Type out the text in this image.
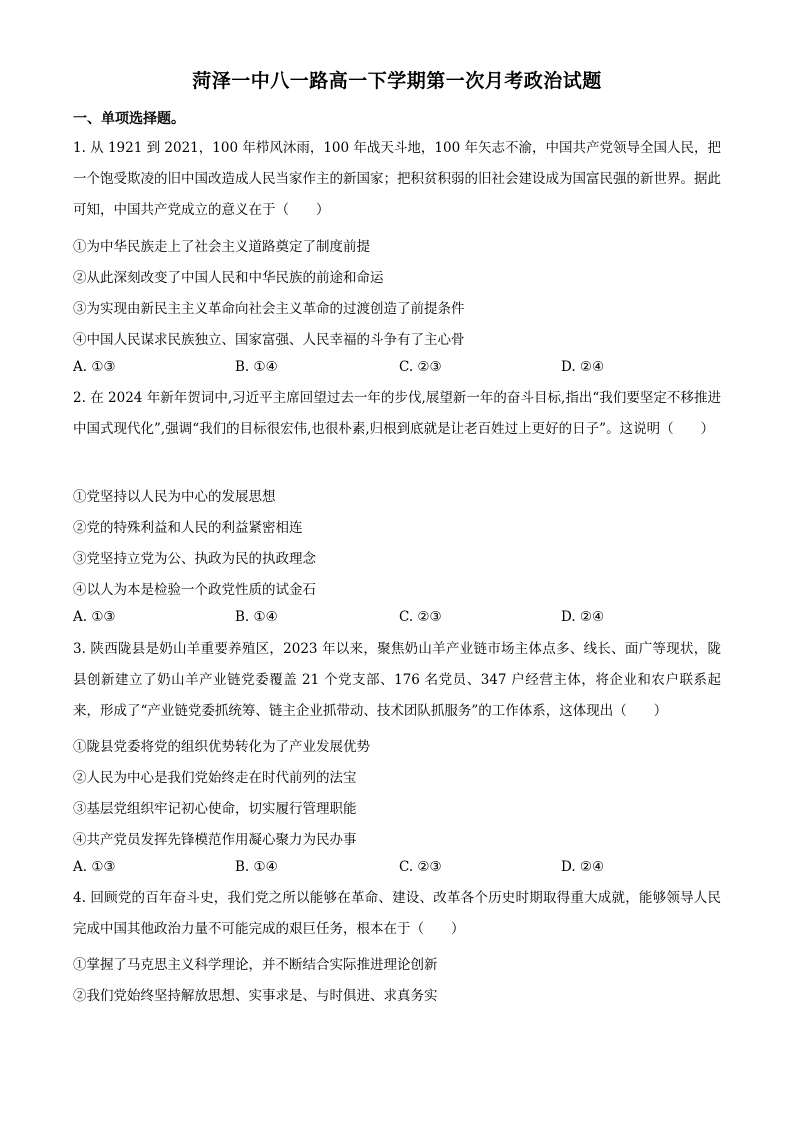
菏泽一中八一路高一下学期第一次月考政治试题
一、单项选择题。
1. 从 1921 到 2021，100 年栉风沐雨，100 年战天斗地，100 年矢志不渝，中国共产党领导全国人民，把一个饱受欺凌的旧中国改造成人民当家作主的新国家；把积贫积弱的旧社会建设成为国富民强的新世界。据此可知，中国共产党成立的意义在于（　　）
①为中华民族走上了社会主义道路奠定了制度前提
②从此深刻改变了中国人民和中华民族的前途和命运
③为实现由新民主主义革命向社会主义革命的过渡创造了前提条件
④中国人民谋求民族独立、国家富强、人民幸福的斗争有了主心骨
A. ①③	B. ①④	C. ②③	D. ②④
2. 在 2024 年新年贺词中,习近平主席回望过去一年的步伐,展望新一年的奋斗目标,指出“我们要坚定不移推进中国式现代化”,强调“我们的目标很宏伟,也很朴素,归根到底就是让老百姓过上更好的日子”。这说明（　　）
①党坚持以人民为中心的发展思想
②党的特殊利益和人民的利益紧密相连
③党坚持立党为公、执政为民的执政理念
④以人为本是检验一个政党性质的试金石
A. ①③	B. ①④	C. ②③	D. ②④
3. 陕西陇县是奶山羊重要养殖区，2023 年以来，聚焦奶山羊产业链市场主体点多、线长、面广等现状，陇县创新建立了奶山羊产业链党委覆盖 21 个党支部、176 名党员、347 户经营主体，将企业和农户联系起来，形成了“产业链党委抓统筹、链主企业抓带动、技术团队抓服务”的工作体系，这体现出（　　）
①陇县党委将党的组织优势转化为了产业发展优势
②人民为中心是我们党始终走在时代前列的法宝
③基层党组织牢记初心使命，切实履行管理职能
④共产党员发挥先锋模范作用凝心聚力为民办事
A. ①③	B. ①④	C. ②③	D. ②④
4. 回顾党的百年奋斗史，我们党之所以能够在革命、建设、改革各个历史时期取得重大成就，能够领导人民完成中国其他政治力量不可能完成的艰巨任务，根本在于（　　）
①掌握了马克思主义科学理论，并不断结合实际推进理论创新
②我们党始终坚持解放思想、实事求是、与时俱进、求真务实
